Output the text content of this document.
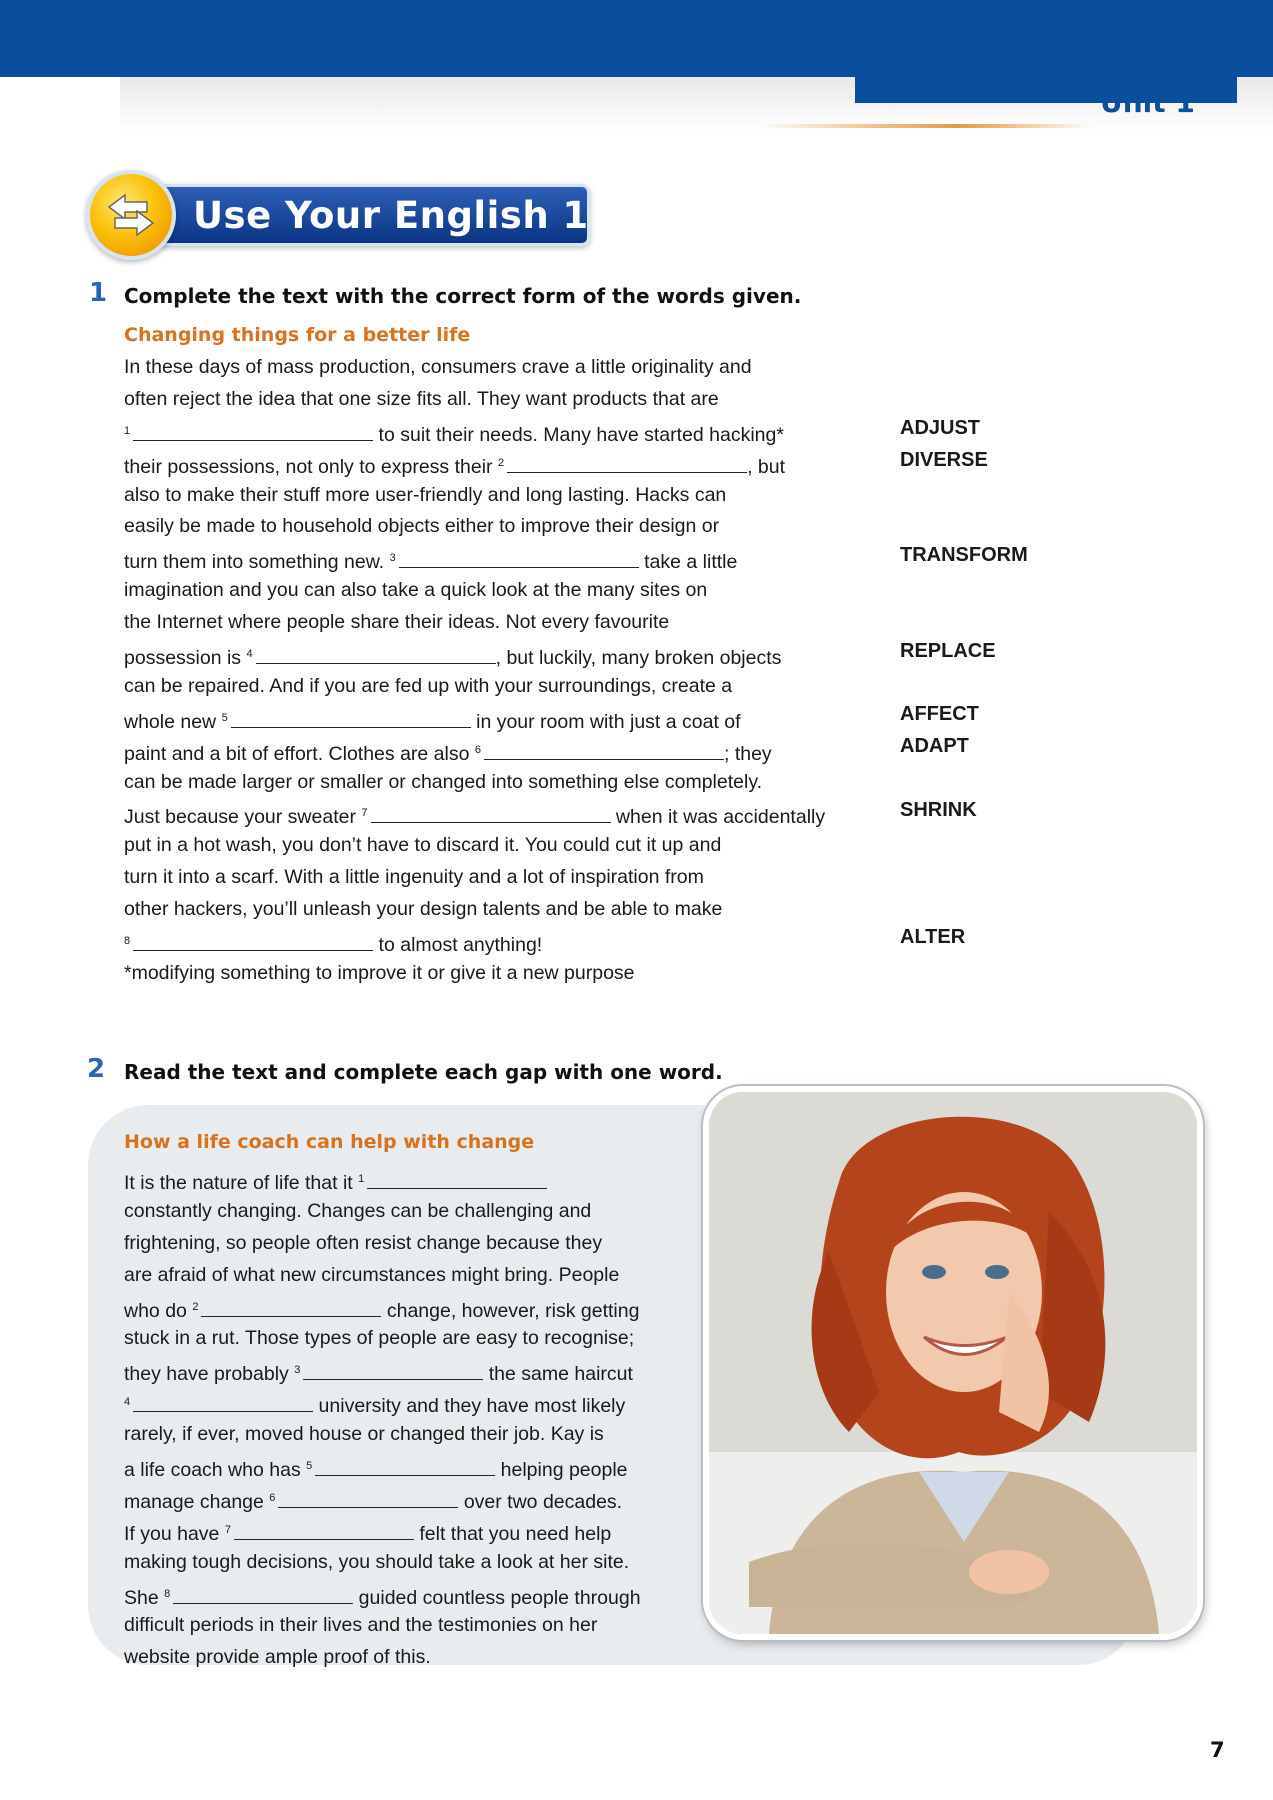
Unit 1
Use Your English 1
1 Complete the text with the correct form of the words given.
Changing things for a better life
In these days of mass production, consumers crave a little originality and
often reject the idea that one size fits all. They want products that are
$^1$	to suit their needs. Many have started hacking*
their possessions, not only to express their $^2$	, but
also to make their stuff more user-friendly and long lasting. Hacks can
easily be made to household objects either to improve their design or
turn them into something new. $^3$	take a little
imagination and you can also take a quick look at the many sites on
the Internet where people share their ideas. Not every favourite
possession is $^4$	, but luckily, many broken objects
can be repaired. And if you are fed up with your surroundings, create a
whole new $^5$	in your room with just a coat of
paint and a bit of effort. Clothes are also $^6$	; they
can be made larger or smaller or changed into something else completely.
Just because your sweater $^7$	when it was accidentally
put in a hot wash, you don’t have to discard it. You could cut it up and
turn it into a scarf. With a little ingenuity and a lot of inspiration from
other hackers, you’ll unleash your design talents and be able to make
$^8$	to almost anything!
*modifying something to improve it or give it a new purpose
ADJUST
DIVERSE
TRANSFORM
REPLACE
AFFECT
ADAPT
SHRINK
ALTER
2 Read the text and complete each gap with one word.
How a life coach can help with change
It is the nature of life that it $^1$
constantly changing. Changes can be challenging and
frightening, so people often resist change because they
are afraid of what new circumstances might bring. People
who do $^2$	change, however, risk getting
stuck in a rut. Those types of people are easy to recognise;
they have probably $^3$	the same haircut
$^4$	university and they have most likely
rarely, if ever, moved house or changed their job. Kay is
a life coach who has $^5$	helping people
manage change $^6$	over two decades.
If you have $^7$	felt that you need help
making tough decisions, you should take a look at her site.
She $^8$	guided countless people through
difficult periods in their lives and the testimonies on her
website provide ample proof of this.
7
